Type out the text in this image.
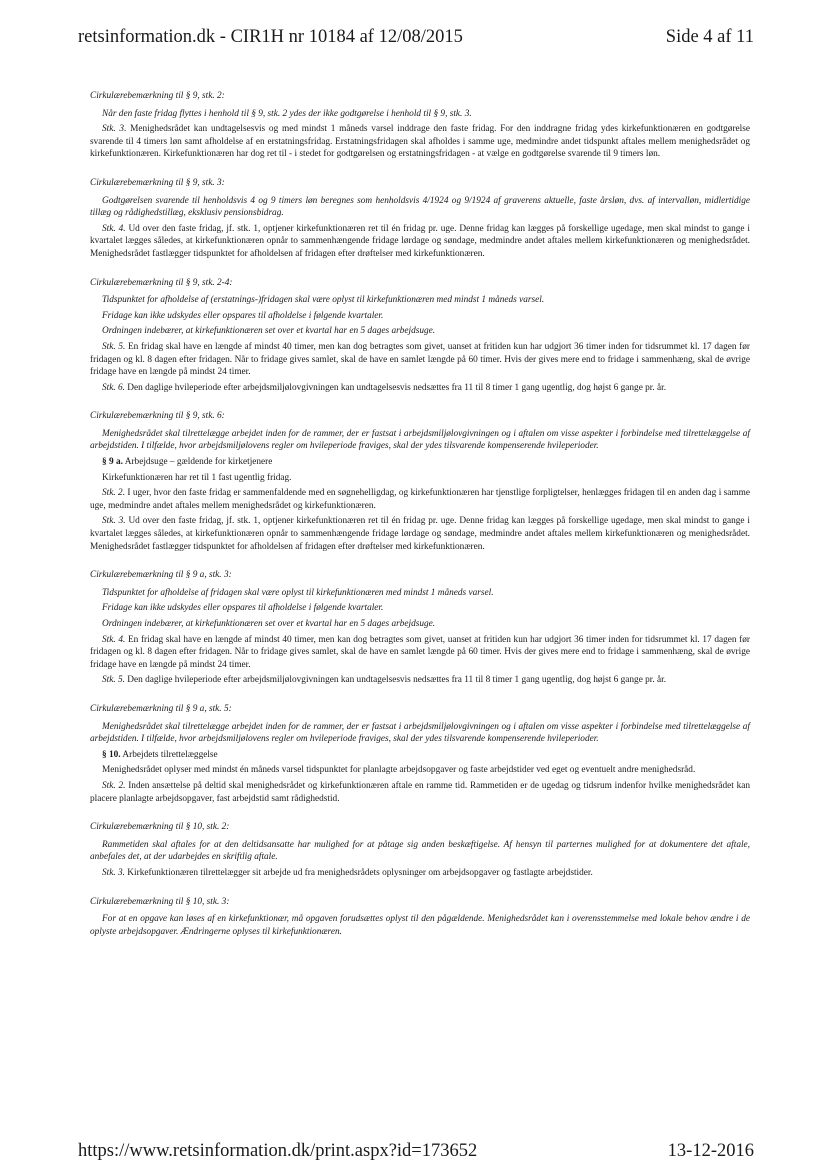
retsinformation.dk - CIR1H nr 10184 af 12/08/2015	Side 4 af 11

Cirkulærebemærkning til § 9, stk. 2:

Når den faste fridag flyttes i henhold til § 9, stk. 2 ydes der ikke godtgørelse i henhold til § 9, stk. 3.

Stk. 3. Menighedsrådet kan undtagelsesvis og med mindst 1 måneds varsel inddrage den faste fridag. For den inddragne fridag ydes kirkefunktionæren en godtgørelse svarende til 4 timers løn samt afholdelse af en erstatningsfridag. Erstatningsfridagen skal afholdes i samme uge, medmindre andet tidspunkt aftales mellem menighedsrådet og kirkefunktionæren. Kirkefunktionæren har dog ret til - i stedet for godtgørelsen og erstatningsfridagen - at vælge en godtgørelse svarende til 9 timers løn.

Cirkulærebemærkning til § 9, stk. 3:

Godtgørelsen svarende til henholdsvis 4 og 9 timers løn beregnes som henholdsvis 4/1924 og 9/1924 af graverens aktuelle, faste årsløn, dvs. af intervalløn, midlertidige tillæg og rådighedstillæg, eksklusiv pensionsbidrag.

Stk. 4. Ud over den faste fridag, jf. stk. 1, optjener kirkefunktionæren ret til én fridag pr. uge. Denne fridag kan lægges på forskellige ugedage, men skal mindst to gange i kvartalet lægges således, at kirkefunktionæren opnår to sammenhængende fridage lørdage og søndage, medmindre andet aftales mellem kirkefunktionæren og menighedsrådet. Menighedsrådet fastlægger tidspunktet for afholdelsen af fridagen efter drøftelser med kirkefunktionæren.

Cirkulærebemærkning til § 9, stk. 2-4:

Tidspunktet for afholdelse af (erstatnings-)fridagen skal være oplyst til kirkefunktionæren med mindst 1 måneds varsel.

Fridage kan ikke udskydes eller opspares til afholdelse i følgende kvartaler.

Ordningen indebærer, at kirkefunktionæren set over et kvartal har en 5 dages arbejdsuge.

Stk. 5. En fridag skal have en længde af mindst 40 timer, men kan dog betragtes som givet, uanset at fritiden kun har udgjort 36 timer inden for tidsrummet kl. 17 dagen før fridagen og kl. 8 dagen efter fridagen. Når to fridage gives samlet, skal de have en samlet længde på 60 timer. Hvis der gives mere end to fridage i sammenhæng, skal de øvrige fridage have en længde på mindst 24 timer.

Stk. 6. Den daglige hvileperiode efter arbejdsmiljølovgivningen kan undtagelsesvis nedsættes fra 11 til 8 timer 1 gang ugentlig, dog højst 6 gange pr. år.

Cirkulærebemærkning til § 9, stk. 6:

Menighedsrådet skal tilrettelægge arbejdet inden for de rammer, der er fastsat i arbejdsmiljølovgivningen og i aftalen om visse aspekter i forbindelse med tilrettelæggelse af arbejdstiden. I tilfælde, hvor arbejdsmiljølovens regler om hvileperiode fraviges, skal der ydes tilsvarende kompenserende hvileperioder.

§ 9 a. Arbejdsuge – gældende for kirketjenere

Kirkefunktionæren har ret til 1 fast ugentlig fridag.

Stk. 2. I uger, hvor den faste fridag er sammenfaldende med en søgnehelligdag, og kirkefunktionæren har tjenstlige forpligtelser, henlægges fridagen til en anden dag i samme uge, medmindre andet aftales mellem menighedsrådet og kirkefunktionæren.

Stk. 3. Ud over den faste fridag, jf. stk. 1, optjener kirkefunktionæren ret til én fridag pr. uge. Denne fridag kan lægges på forskellige ugedage, men skal mindst to gange i kvartalet lægges således, at kirkefunktionæren opnår to sammenhængende fridage lørdage og søndage, medmindre andet aftales mellem kirkefunktionæren og menighedsrådet. Menighedsrådet fastlægger tidspunktet for afholdelsen af fridagen efter drøftelser med kirkefunktionæren.

Cirkulærebemærkning til § 9 a, stk. 3:

Tidspunktet for afholdelse af fridagen skal være oplyst til kirkefunktionæren med mindst 1 måneds varsel.

Fridage kan ikke udskydes eller opspares til afholdelse i følgende kvartaler.

Ordningen indebærer, at kirkefunktionæren set over et kvartal har en 5 dages arbejdsuge.

Stk. 4. En fridag skal have en længde af mindst 40 timer, men kan dog betragtes som givet, uanset at fritiden kun har udgjort 36 timer inden for tidsrummet kl. 17 dagen før fridagen og kl. 8 dagen efter fridagen. Når to fridage gives samlet, skal de have en samlet længde på 60 timer. Hvis der gives mere end to fridage i sammenhæng, skal de øvrige fridage have en længde på mindst 24 timer.

Stk. 5. Den daglige hvileperiode efter arbejdsmiljølovgivningen kan undtagelsesvis nedsættes fra 11 til 8 timer 1 gang ugentlig, dog højst 6 gange pr. år.

Cirkulærebemærkning til § 9 a, stk. 5:

Menighedsrådet skal tilrettelægge arbejdet inden for de rammer, der er fastsat i arbejdsmiljølovgivningen og i aftalen om visse aspekter i forbindelse med tilrettelæggelse af arbejdstiden. I tilfælde, hvor arbejdsmiljølovens regler om hvileperiode fraviges, skal der ydes tilsvarende kompenserende hvileperioder.

§ 10. Arbejdets tilrettelæggelse

Menighedsrådet oplyser med mindst én måneds varsel tidspunktet for planlagte arbejdsopgaver og faste arbejdstider ved eget og eventuelt andre menighedsråd.

Stk. 2. Inden ansættelse på deltid skal menighedsrådet og kirkefunktionæren aftale en ramme tid. Rammetiden er de ugedag og tidsrum indenfor hvilke menighedsrådet kan placere planlagte arbejdsopgaver, fast arbejdstid samt rådighedstid.

Cirkulærebemærkning til § 10, stk. 2:

Rammetiden skal aftales for at den deltidsansatte har mulighed for at påtage sig anden beskæftigelse. Af hensyn til parternes mulighed for at dokumentere det aftale, anbefales det, at der udarbejdes en skriftlig aftale.

Stk. 3. Kirkefunktionæren tilrettelægger sit arbejde ud fra menighedsrådets oplysninger om arbejdsopgaver og fastlagte arbejdstider.

Cirkulærebemærkning til § 10, stk. 3:

For at en opgave kan løses af en kirkefunktionær, må opgaven forudsættes oplyst til den pågældende. Menighedsrådet kan i overensstemmelse med lokale behov ændre i de oplyste arbejdsopgaver. Ændringerne oplyses til kirkefunktionæren.

https://www.retsinformation.dk/print.aspx?id=173652	13-12-2016
